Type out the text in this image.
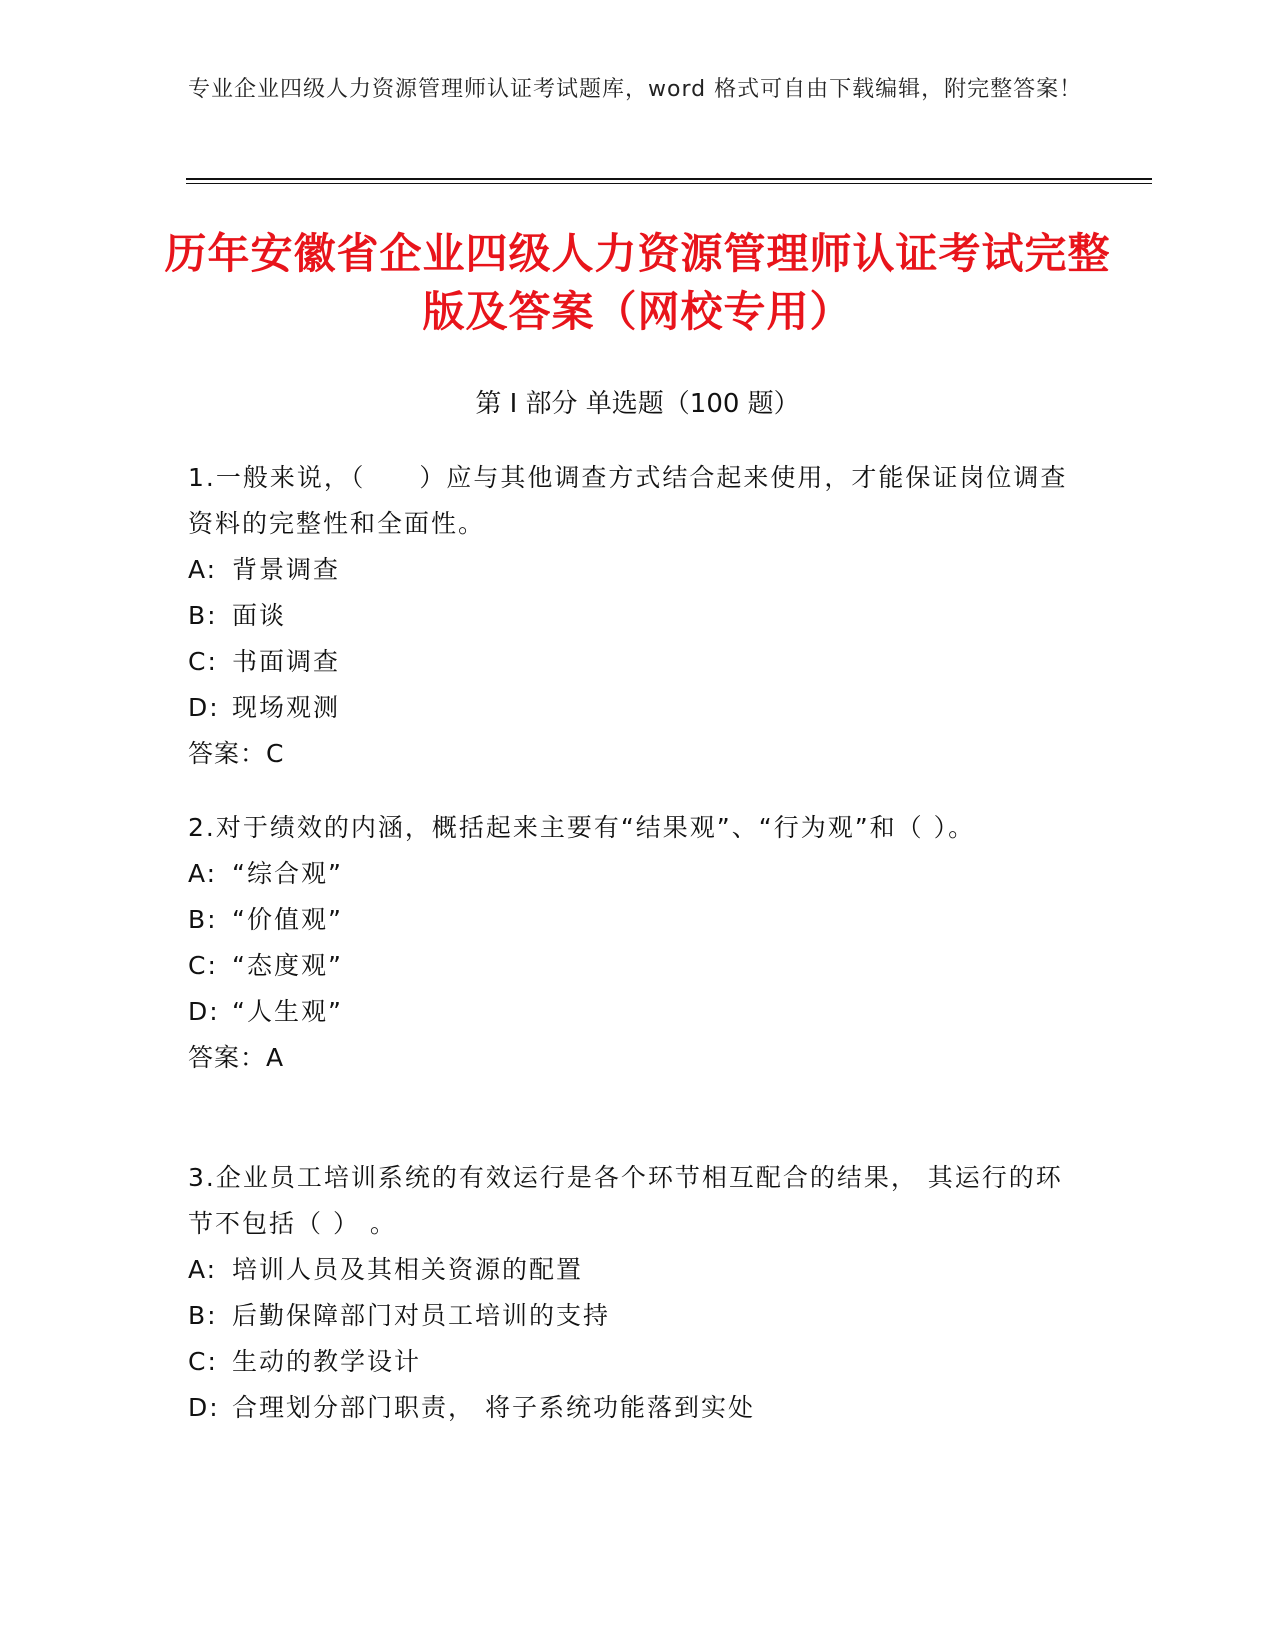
专业企业四级人力资源管理师认证考试题库，word 格式可自由下载编辑，附完整答案！
历年安徽省企业四级人力资源管理师认证考试完整版及答案（网校专用）
第 I 部分 单选题（100 题）

1.一般来说，（　　）应与其他调查方式结合起来使用，才能保证岗位调查资料的完整性和全面性。

A: 背景调查

B: 面谈

C: 书面调查

D: 现场观测

答案：C

2.对于绩效的内涵，概括起来主要有“结果观”、“行为观”和（ ）。

A: “综合观”

B: “价值观”

C: “态度观”

D: “人生观”

答案：A

3.企业员工培训系统的有效运行是各个环节相互配合的结果， 其运行的环节不包括（ ） 。

A: 培训人员及其相关资源的配置

B: 后勤保障部门对员工培训的支持

C: 生动的教学设计

D: 合理划分部门职责， 将子系统功能落到实处
